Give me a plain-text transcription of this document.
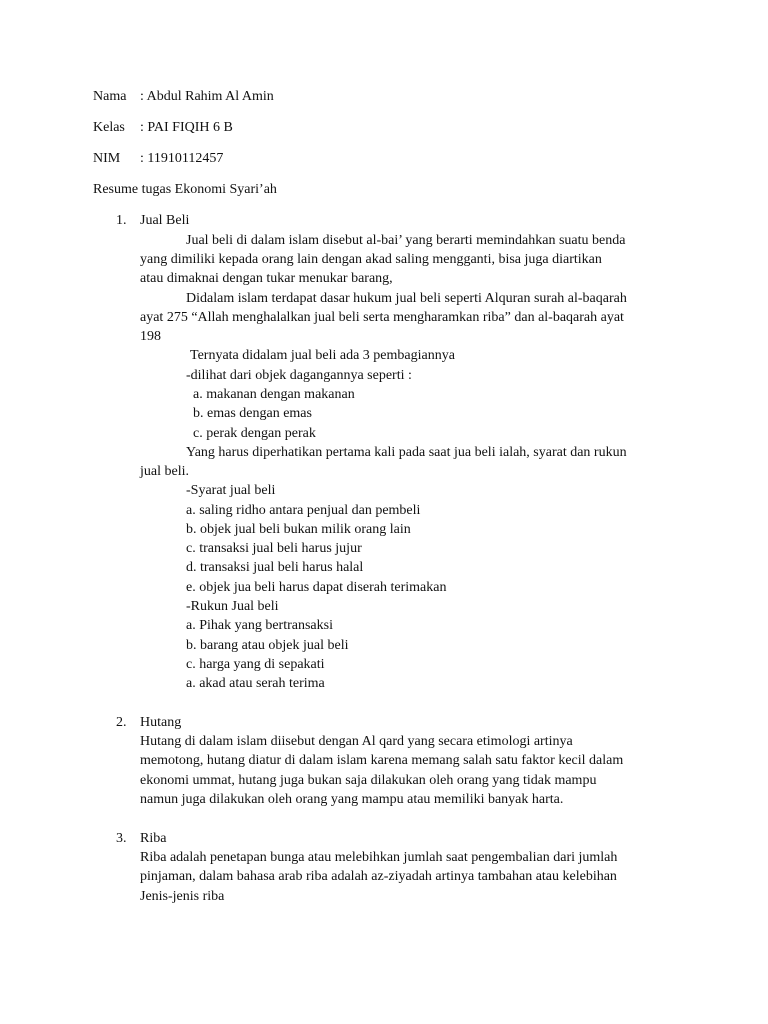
Nama : Abdul Rahim Al Amin
Kelas : PAI FIQIH 6 B
NIM : 11910112457
Resume tugas Ekonomi Syari’ah
1. Jual Beli
Jual beli di dalam islam disebut al-bai’ yang berarti memindahkan suatu benda
yang dimiliki kepada orang lain dengan akad saling mengganti, bisa juga diartikan
atau dimaknai dengan tukar menukar barang,
Didalam islam terdapat dasar hukum jual beli seperti Alquran surah al-baqarah
ayat 275 “Allah menghalalkan jual beli serta mengharamkan riba” dan al-baqarah ayat
198
Ternyata didalam jual beli ada 3 pembagiannya
-dilihat dari objek dagangannya seperti :
a. makanan dengan makanan
b. emas dengan emas
c. perak dengan perak
Yang harus diperhatikan pertama kali pada saat jua beli ialah, syarat dan rukun
jual beli.
-Syarat jual beli
a. saling ridho antara penjual dan pembeli
b. objek jual beli bukan milik orang lain
c. transaksi jual beli harus jujur
d. transaksi jual beli harus halal
e. objek jua beli harus dapat diserah terimakan
-Rukun Jual beli
a. Pihak yang bertransaksi
b. barang atau objek jual beli
c. harga yang di sepakati
a. akad atau serah terima
2. Hutang
Hutang di dalam islam diisebut dengan Al qard yang secara etimologi artinya
memotong, hutang diatur di dalam islam karena memang salah satu faktor kecil dalam
ekonomi ummat, hutang juga bukan saja dilakukan oleh orang yang tidak mampu
namun juga dilakukan oleh orang yang mampu atau memiliki banyak harta.
3. Riba
Riba adalah penetapan bunga atau melebihkan jumlah saat pengembalian dari jumlah
pinjaman, dalam bahasa arab riba adalah az-ziyadah artinya tambahan atau kelebihan
Jenis-jenis riba
